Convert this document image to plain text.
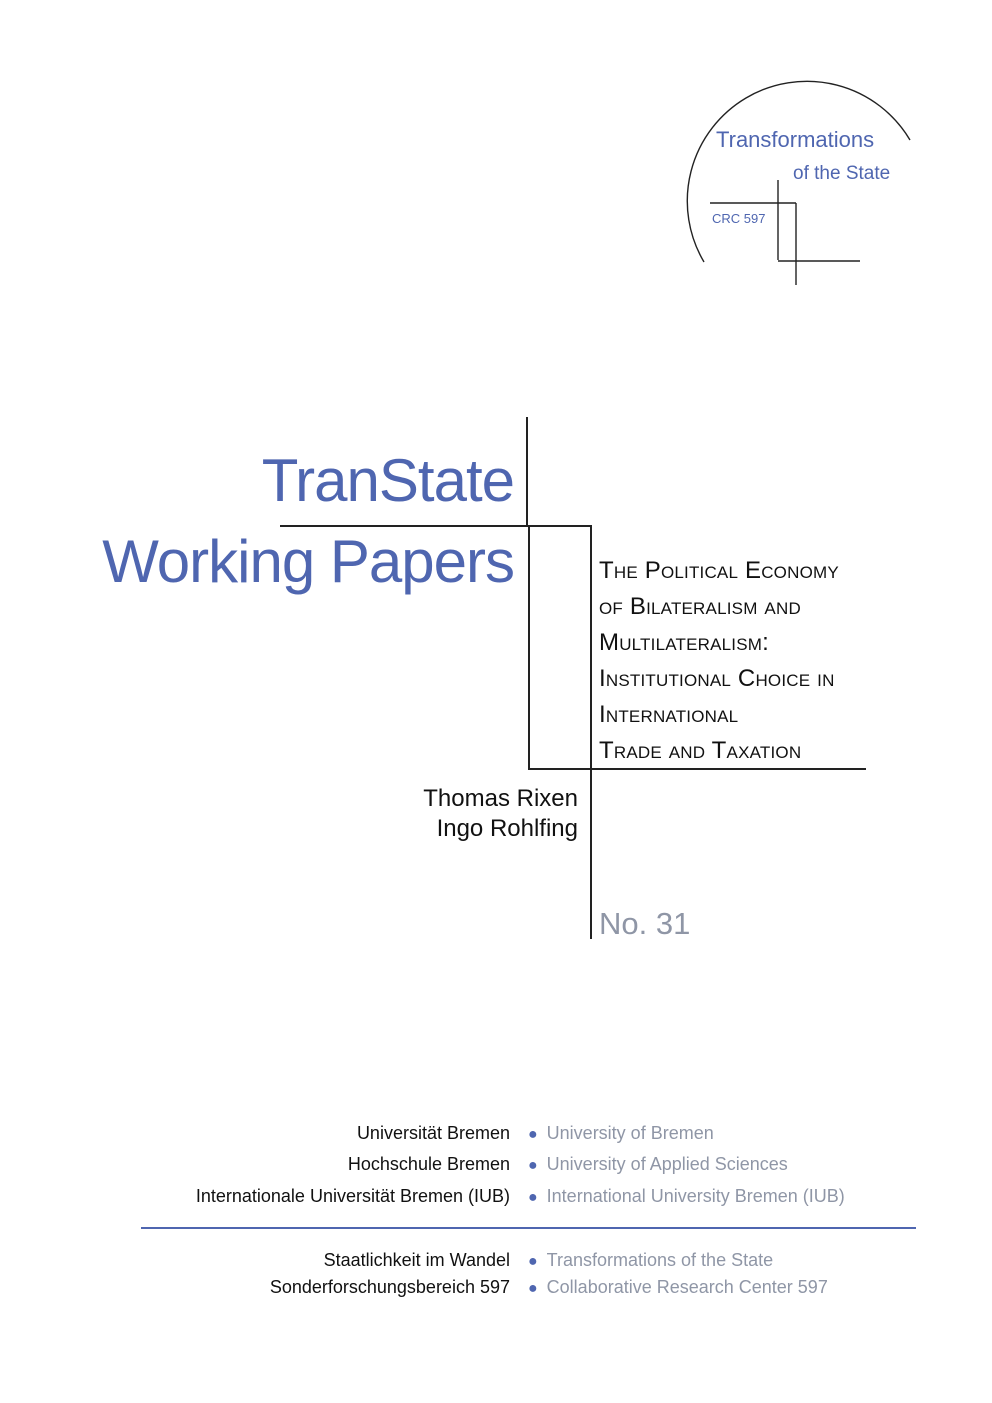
Transformations
of the State
CRC 597
TranState
Working Papers	The Political Economy
of Bilateralism and
Multilateralism:
Institutional Choice in
International
Trade and Taxation
Thomas Rixen
Ingo Rohlfing
No. 31
Universität Bremen ● University of Bremen
Hochschule Bremen ● University of Applied Sciences
Internationale Universität Bremen (IUB) ● International University Bremen (IUB)
Staatlichkeit im Wandel ● Transformations of the State
Sonderforschungsbereich 597 ● Collaborative Research Center 597
